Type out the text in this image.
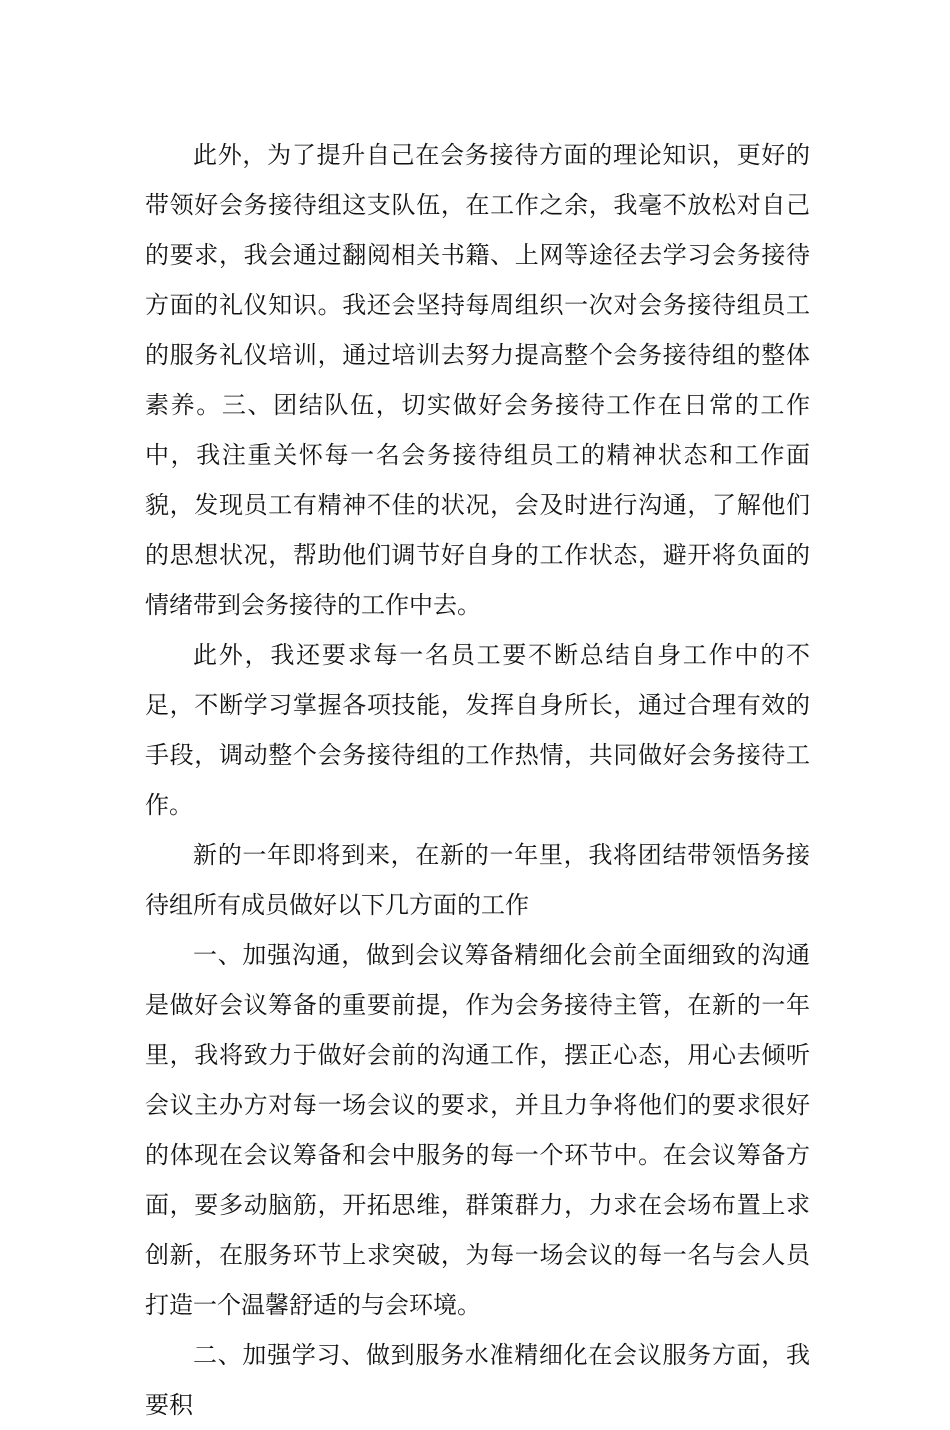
此外，为了提升自己在会务接待方面的理论知识，更好的带领好会务接待组这支队伍，在工作之余，我毫不放松对自己的要求，我会通过翻阅相关书籍、上网等途径去学习会务接待方面的礼仪知识。我还会坚持每周组织一次对会务接待组员工的服务礼仪培训，通过培训去努力提高整个会务接待组的整体素养。三、团结队伍，切实做好会务接待工作在日常的工作中，我注重关怀每一名会务接待组员工的精神状态和工作面貌，发现员工有精神不佳的状况，会及时进行沟通，了解他们的思想状况，帮助他们调节好自身的工作状态，避开将负面的情绪带到会务接待的工作中去。

此外，我还要求每一名员工要不断总结自身工作中的不足，不断学习掌握各项技能，发挥自身所长，通过合理有效的手段，调动整个会务接待组的工作热情，共同做好会务接待工作。

新的一年即将到来，在新的一年里，我将团结带领悟务接待组所有成员做好以下几方面的工作

一、加强沟通，做到会议筹备精细化会前全面细致的沟通是做好会议筹备的重要前提，作为会务接待主管，在新的一年里，我将致力于做好会前的沟通工作，摆正心态，用心去倾听会议主办方对每一场会议的要求，并且力争将他们的要求很好的体现在会议筹备和会中服务的每一个环节中。在会议筹备方面，要多动脑筋，开拓思维，群策群力，力求在会场布置上求创新，在服务环节上求突破，为每一场会议的每一名与会人员打造一个温馨舒适的与会环境。

二、加强学习、做到服务水准精细化在会议服务方面，我要积
